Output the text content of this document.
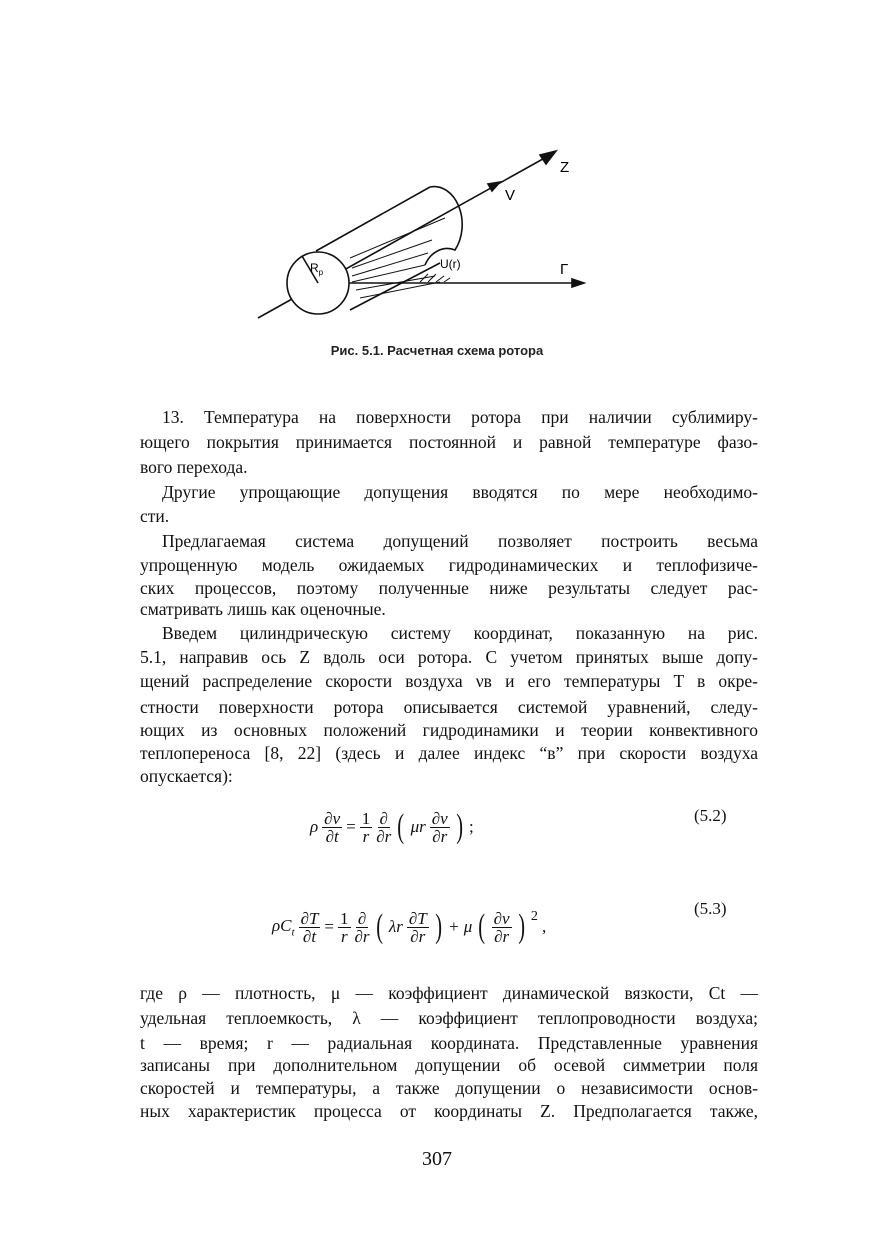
Z
V
Г
U(r)
$R_р$
Рис. 5.1. Расчетная схема ротора
13. Температура на поверхности ротора при наличии сублимиру-
ющего покрытия принимается постоянной и равной температуре фазо-
вого перехода.
Другие упрощающие допущения вводятся по мере необходимо-
сти.
Предлагаемая система допущений позволяет построить весьма
упрощенную модель ожидаемых гидродинамических и теплофизиче-
ских процессов, поэтому полученные ниже результаты следует рас-
сматривать лишь как оценочные.
Введем цилиндрическую систему координат, показанную на рис.
5.1, направив ось Z вдоль оси ротора. С учетом принятых выше допу-
щений распределение скорости воздуха νв и его температуры T в окре-
стности поверхности ротора описывается системой уравнений, следу-
ющих из основных положений гидродинамики и теории конвективного
теплопереноса [8, 22] (здесь и далее индекс “в” при скорости воздуха
опускается):
ρ $\frac{\partial\nu}{\partial t} = \frac{1}{r}$ ∂
∂r ( μr ∂ν
∂r ) ;
(5.2)
$\rho C_t \frac{\partial T}{\partial t} = \frac{1}{r}$ ∂
∂r ( λr ∂T
∂r ) + μ ( ∂ν
∂r ) $^2$
,
(5.3)
где ρ — плотность, μ — коэффициент динамической вязкости, Ct —
удельная теплоемкость, λ — коэффициент теплопроводности воздуха;
t — время; r — радиальная координата. Представленные уравнения
записаны при дополнительном допущении об осевой симметрии поля
скоростей и температуры, а также допущении о независимости основ-
ных характеристик процесса от координаты Z. Предполагается также,
307
